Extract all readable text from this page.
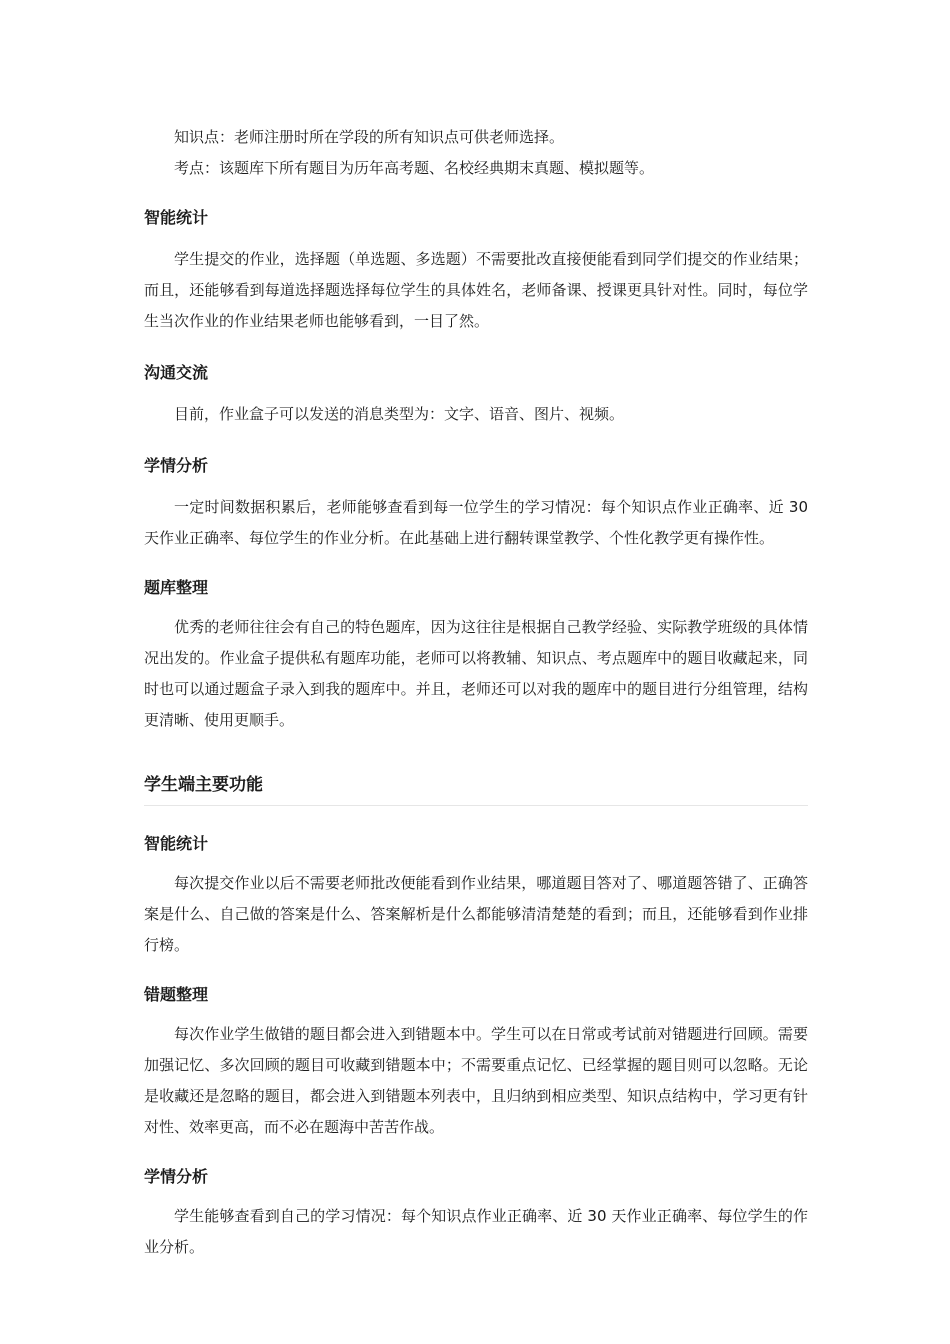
知识点：老师注册时所在学段的所有知识点可供老师选择。

考点：该题库下所有题目为历年高考题、名校经典期末真题、模拟题等。

智能统计

学生提交的作业，选择题（单选题、多选题）不需要批改直接便能看到同学们提交的作业结果；而且，还能够看到每道选择题选择每位学生的具体姓名，老师备课、授课更具针对性。同时，每位学生当次作业的作业结果老师也能够看到，一目了然。

沟通交流

目前，作业盒子可以发送的消息类型为：文字、语音、图片、视频。

学情分析

一定时间数据积累后，老师能够查看到每一位学生的学习情况：每个知识点作业正确率、近 30 天作业正确率、每位学生的作业分析。在此基础上进行翻转课堂教学、个性化教学更有操作性。

题库整理

优秀的老师往往会有自己的特色题库，因为这往往是根据自己教学经验、实际教学班级的具体情况出发的。作业盒子提供私有题库功能，老师可以将教辅、知识点、考点题库中的题目收藏起来，同时也可以通过题盒子录入到我的题库中。并且，老师还可以对我的题库中的题目进行分组管理，结构更清晰、使用更顺手。

学生端主要功能
智能统计

每次提交作业以后不需要老师批改便能看到作业结果，哪道题目答对了、哪道题答错了、正确答案是什么、自己做的答案是什么、答案解析是什么都能够清清楚楚的看到；而且，还能够看到作业排行榜。

错题整理

每次作业学生做错的题目都会进入到错题本中。学生可以在日常或考试前对错题进行回顾。需要加强记忆、多次回顾的题目可收藏到错题本中；不需要重点记忆、已经掌握的题目则可以忽略。无论是收藏还是忽略的题目，都会进入到错题本列表中，且归纳到相应类型、知识点结构中，学习更有针对性、效率更高，而不必在题海中苦苦作战。

学情分析

学生能够查看到自己的学习情况：每个知识点作业正确率、近 30 天作业正确率、每位学生的作业分析。
